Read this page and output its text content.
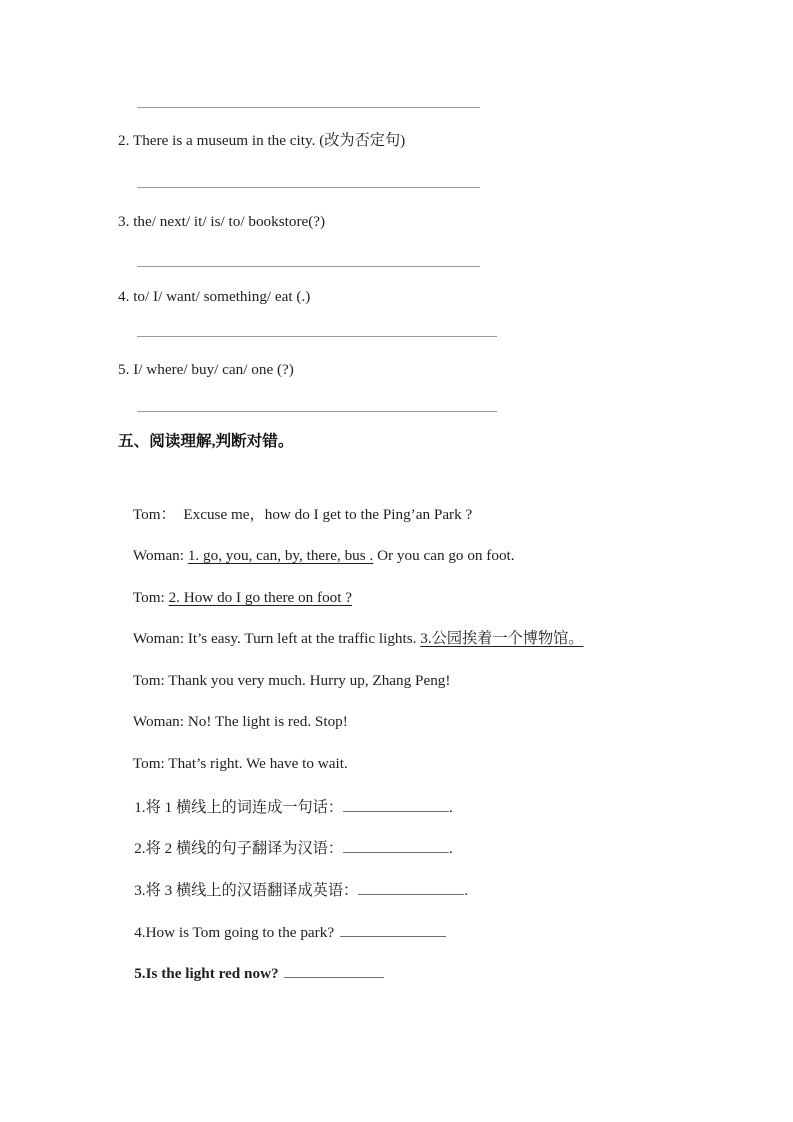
2. There is a museum in the city. (改为否定句)
3. the/ next/ it/ is/ to/ bookstore(?)
4. to/ I/ want/ something/ eat (.)
5. I/ where/ buy/ can/ one (?)
五、阅读理解,判断对错。

Tom：  Excuse me，how do I get to the Ping’an Park ?

Woman: 1. go, you, can, by, there, bus . Or you can go on foot.

Tom: 2. How do I go there on foot ?

Woman: It’s easy. Turn left at the traffic lights. 3.公园挨着一个博物馆。

Tom: Thank you very much. Hurry up, Zhang Peng!

Woman: No! The light is red. Stop!

Tom: That’s right. We have to wait.

1.将 1 横线上的词连成一句话：	.

2.将 2 横线的句子翻译为汉语：	.

3.将 3 横线上的汉语翻译成英语：	.

4.How is Tom going to the park?

5.Is the light red now?
